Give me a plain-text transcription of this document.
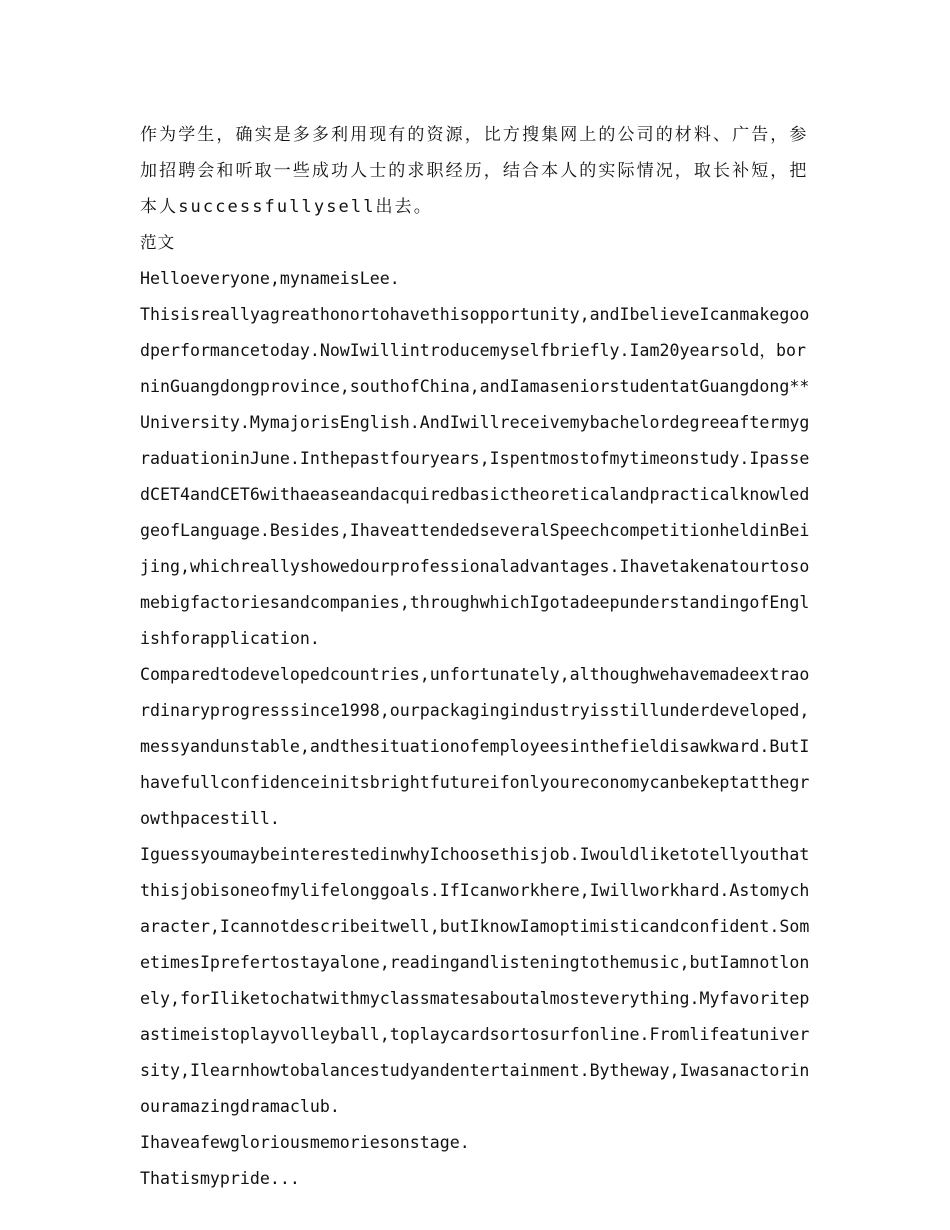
作为学生，确实是多多利用现有的资源，比方搜集网上的公司的材料、广告，参加招聘会和听取一些成功人士的求职经历，结合本人的实际情况，取长补短，把本人successfullysell出去。

范文

Helloeveryone,mynameisLee.

Thisisreallyagreathonortohavethisopportunity,andIbelieveIcanmakegoodperformancetoday.NowIwillintroducemyselfbriefly.Iam20yearsold，borninGuangdongprovince,southofChina,andIamaseniorstudentatGuangdong**University.MymajorisEnglish.AndIwillreceivemybachelordegreeaftermygraduationinJune.Inthepastfouryears,Ispentmostofmytimeonstudy.IpassedCET4andCET6withaeaseandacquiredbasictheoreticalandpracticalknowledgeofLanguage.Besides,IhaveattendedseveralSpeechcompetitionheldinBeijing,whichreallyshowedourprofessionaladvantages.Ihavetakenatourtosomebigfactoriesandcompanies,throughwhichIgotadeepunderstandingofEnglishforapplication.

Comparedtodevelopedcountries,unfortunately,althoughwehavemadeextraordinaryprogresssince1998,ourpackagingindustryisstillunderdeveloped,messyandunstable,andthesituationofemployeesinthefieldisawkward.ButIhavefullconfidenceinitsbrightfutureifonlyoureconomycanbekeptatthegrowthpacestill.

IguessyoumaybeinterestedinwhyIchoosethisjob.Iwouldliketotellyouthatthisjobisoneofmylifelonggoals.IfIcanworkhere,Iwillworkhard.Astomycharacter,Icannotdescribeitwell,butIknowIamoptimisticandconfident.SometimesIprefertostayalone,readingandlisteningtothemusic,butIamnotlonely,forIliketochatwithmyclassmatesaboutalmosteverything.Myfavoritepastimeistoplayvolleyball,toplaycardsortosurfonline.Fromlifeatuniversity,Ilearnhowtobalancestudyandentertainment.Bytheway,Iwasanactorinouramazingdramaclub.

Ihaveafewgloriousmemoriesonstage.

Thatismypride...
